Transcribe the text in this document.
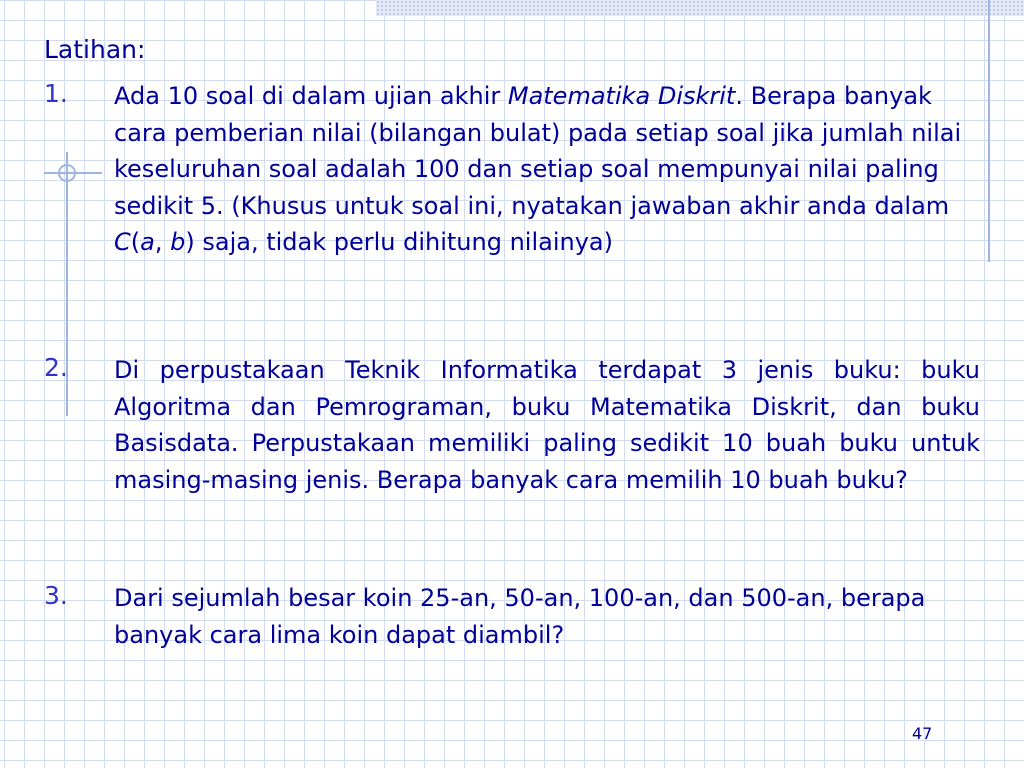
Latihan:
1. Ada 10 soal di dalam ujian akhir Matematika Diskrit. Berapa banyak cara pemberian nilai (bilangan bulat) pada setiap soal jika jumlah nilai keseluruhan soal adalah 100 dan setiap soal mempunyai nilai paling sedikit 5. (Khusus untuk soal ini, nyatakan jawaban akhir anda dalam C(a, b) saja, tidak perlu dihitung nilainya)
2. Di perpustakaan Teknik Informatika terdapat 3 jenis buku: buku Algoritma dan Pemrograman, buku Matematika Diskrit, dan buku Basisdata. Perpustakaan memiliki paling sedikit 10 buah buku untuk masing-masing jenis. Berapa banyak cara memilih 10 buah buku?
3. Dari sejumlah besar koin 25-an, 50-an, 100-an, dan 500-an, berapa banyak cara lima koin dapat diambil?
47
